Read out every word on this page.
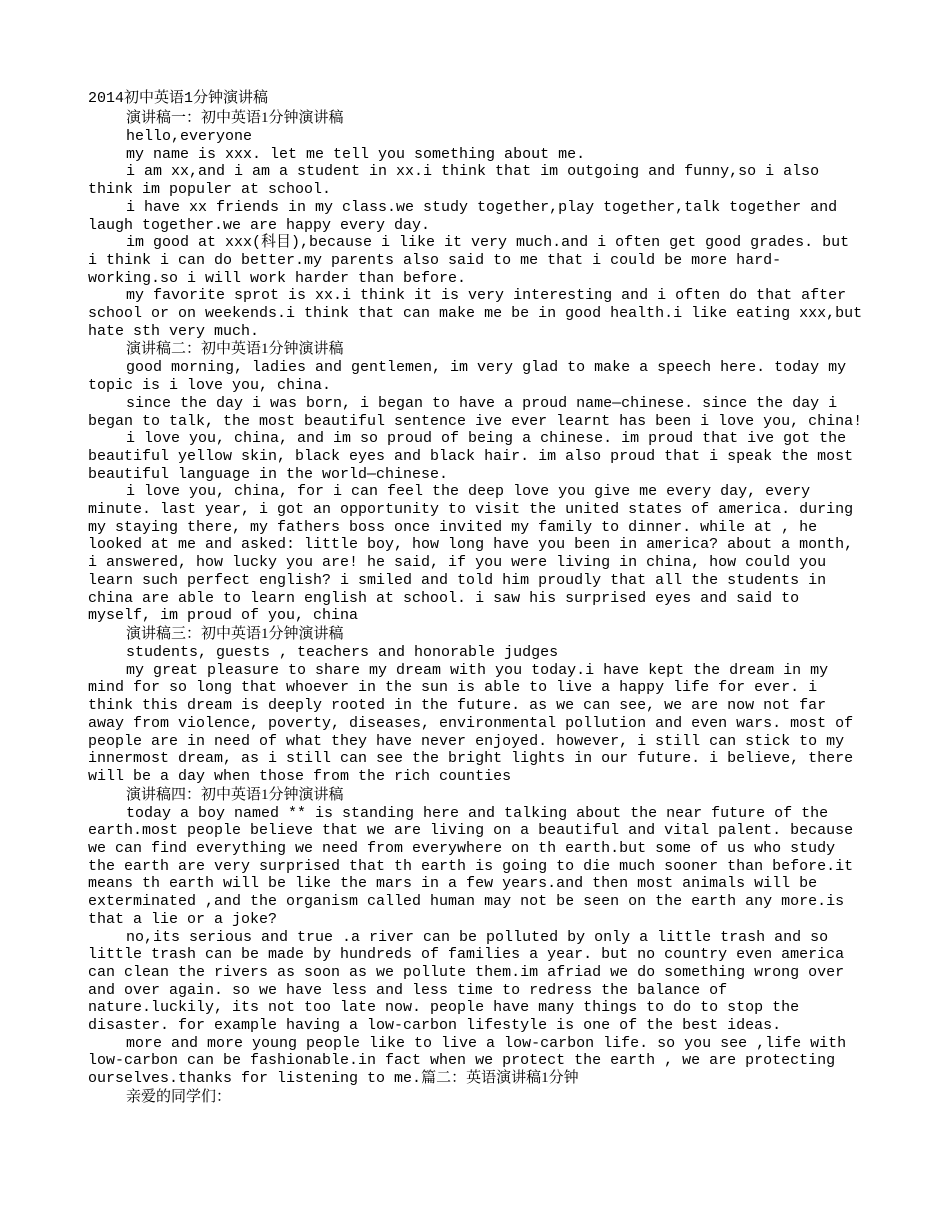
2014初中英语1分钟演讲稿
演讲稿一：初中英语1分钟演讲稿

hello,everyone

my name is xxx. let me tell you something about me.

i am xx,and i am a student in xx.i think that im outgoing and funny,so i also think im populer at school.

i have xx friends in my class.we study together,play together,talk together and laugh together.we are happy every day.

im good at xxx(科目),because i like it very much.and i often get good grades. but i think i can do better.my parents also said to me that i could be more hard-working.so i will work harder than before.

my favorite sprot is xx.i think it is very interesting and i often do that after school or on weekends.i think that can make me be in good health.i like eating xxx,but hate sth very much.

演讲稿二：初中英语1分钟演讲稿

good morning, ladies and gentlemen, im very glad to make a speech here. today my topic is i love you, china.

since the day i was born, i began to have a proud name—chinese. since the day i began to talk, the most beautiful sentence ive ever learnt has been i love you, china!

i love you, china, and im so proud of being a chinese. im proud that ive got the beautiful yellow skin, black eyes and black hair. im also proud that i speak the most beautiful language in the world—chinese.

i love you, china, for i can feel the deep love you give me every day, every minute. last year, i got an opportunity to visit the united states of america. during my staying there, my fathers boss once invited my family to dinner. while at , he looked at me and asked: little boy, how long have you been in america? about a month, i answered, how lucky you are! he said, if you were living in china, how could you learn such perfect english? i smiled and told him proudly that all the students in china are able to learn english at school. i saw his surprised eyes and said to myself, im proud of you, china

演讲稿三：初中英语1分钟演讲稿

students, guests , teachers and honorable judges

my great pleasure to share my dream with you today.i have kept the dream in my mind for so long that whoever in the sun is able to live a happy life for ever. i think this dream is deeply rooted in the future. as we can see, we are now not far away from violence, poverty, diseases, environmental pollution and even wars. most of people are in need of what they have never enjoyed. however, i still can stick to my innermost dream, as i still can see the bright lights in our future. i believe, there will be a day when those from the rich counties

演讲稿四：初中英语1分钟演讲稿

today a boy named ** is standing here and talking about the near future of the earth.most people believe that we are living on a beautiful and vital palent. because we can find everything we need from everywhere on th earth.but some of us who study the earth are very surprised that th earth is going to die much sooner than before.it means th earth will be like the mars in a few years.and then most animals will be exterminated ,and the organism called human may not be seen on the earth any more.is that a lie or a joke?

no,its serious and true .a river can be polluted by only a little trash and so little trash can be made by hundreds of families a year. but no country even america can clean the rivers as soon as we pollute them.im afriad we do something wrong over and over again. so we have less and less time to redress the balance of nature.luckily, its not too late now. people have many things to do to stop the disaster. for example having a low-carbon lifestyle is one of the best ideas.

more and more young people like to live a low-carbon life. so you see ,life with low-carbon can be fashionable.in fact when we protect the earth , we are protecting ourselves.thanks for listening to me.篇二：英语演讲稿1分钟

亲爱的同学们：
